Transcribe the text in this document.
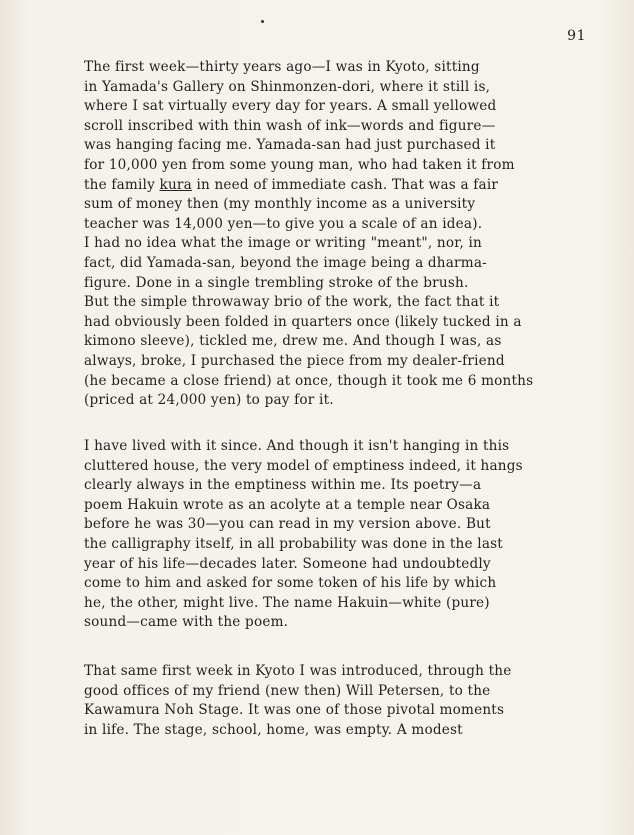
91
The first week—thirty years ago—I was in Kyoto, sitting
in Yamada's Gallery on Shinmonzen-dori, where it still is,
where I sat virtually every day for years. A small yellowed
scroll inscribed with thin wash of ink—words and figure—
was hanging facing me. Yamada-san had just purchased it
for 10,000 yen from some young man, who had taken it from
the family kura in need of immediate cash. That was a fair
sum of money then (my monthly income as a university
teacher was 14,000 yen—to give you a scale of an idea).
I had no idea what the image or writing "meant", nor, in
fact, did Yamada-san, beyond the image being a dharma-
figure. Done in a single trembling stroke of the brush.
But the simple throwaway brio of the work, the fact that it
had obviously been folded in quarters once (likely tucked in a
kimono sleeve), tickled me, drew me. And though I was, as
always, broke, I purchased the piece from my dealer-friend
(he became a close friend) at once, though it took me 6 months
(priced at 24,000 yen) to pay for it.
I have lived with it since. And though it isn't hanging in this
cluttered house, the very model of emptiness indeed, it hangs
clearly always in the emptiness within me. Its poetry—a
poem Hakuin wrote as an acolyte at a temple near Osaka
before he was 30—you can read in my version above. But
the calligraphy itself, in all probability was done in the last
year of his life—decades later. Someone had undoubtedly
come to him and asked for some token of his life by which
he, the other, might live. The name Hakuin—white (pure)
sound—came with the poem.
That same first week in Kyoto I was introduced, through the
good offices of my friend (new then) Will Petersen, to the
Kawamura Noh Stage. It was one of those pivotal moments
in life. The stage, school, home, was empty. A modest
